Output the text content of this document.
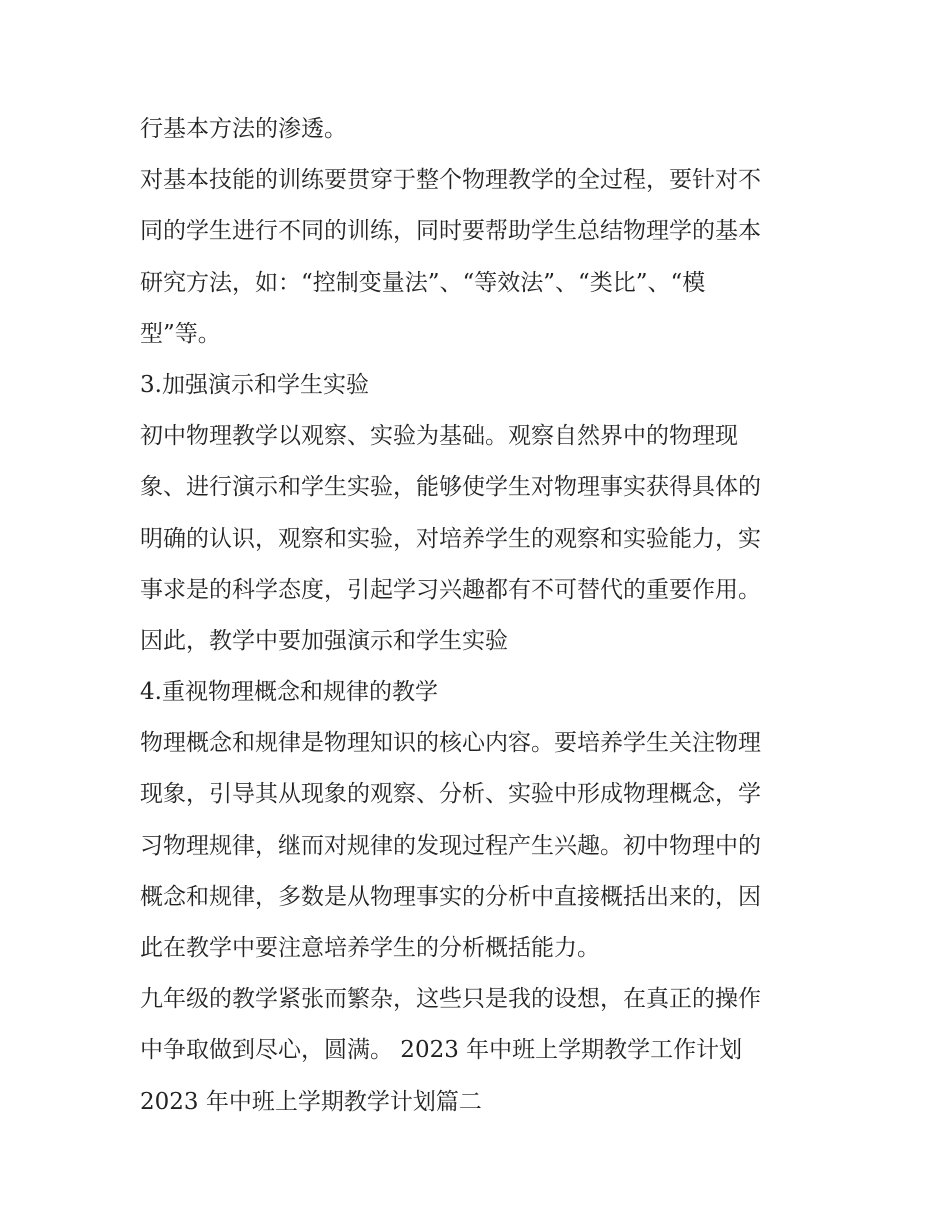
行基本方法的渗透。
对基本技能的训练要贯穿于整个物理教学的全过程，要针对不
同的学生进行不同的训练，同时要帮助学生总结物理学的基本
研究方法，如：“控制变量法”、“等效法”、“类比”、“模
型”等。
3.加强演示和学生实验
初中物理教学以观察、实验为基础。观察自然界中的物理现
象、进行演示和学生实验，能够使学生对物理事实获得具体的
明确的认识，观察和实验，对培养学生的观察和实验能力，实
事求是的科学态度，引起学习兴趣都有不可替代的重要作用。
因此，教学中要加强演示和学生实验
4.重视物理概念和规律的教学
物理概念和规律是物理知识的核心内容。要培养学生关注物理
现象，引导其从现象的观察、分析、实验中形成物理概念，学
习物理规律，继而对规律的发现过程产生兴趣。初中物理中的
概念和规律，多数是从物理事实的分析中直接概括出来的，因
此在教学中要注意培养学生的分析概括能力。
九年级的教学紧张而繁杂，这些只是我的设想，在真正的操作
中争取做到尽心，圆满。 2023 年中班上学期教学工作计划
2023 年中班上学期教学计划篇二
